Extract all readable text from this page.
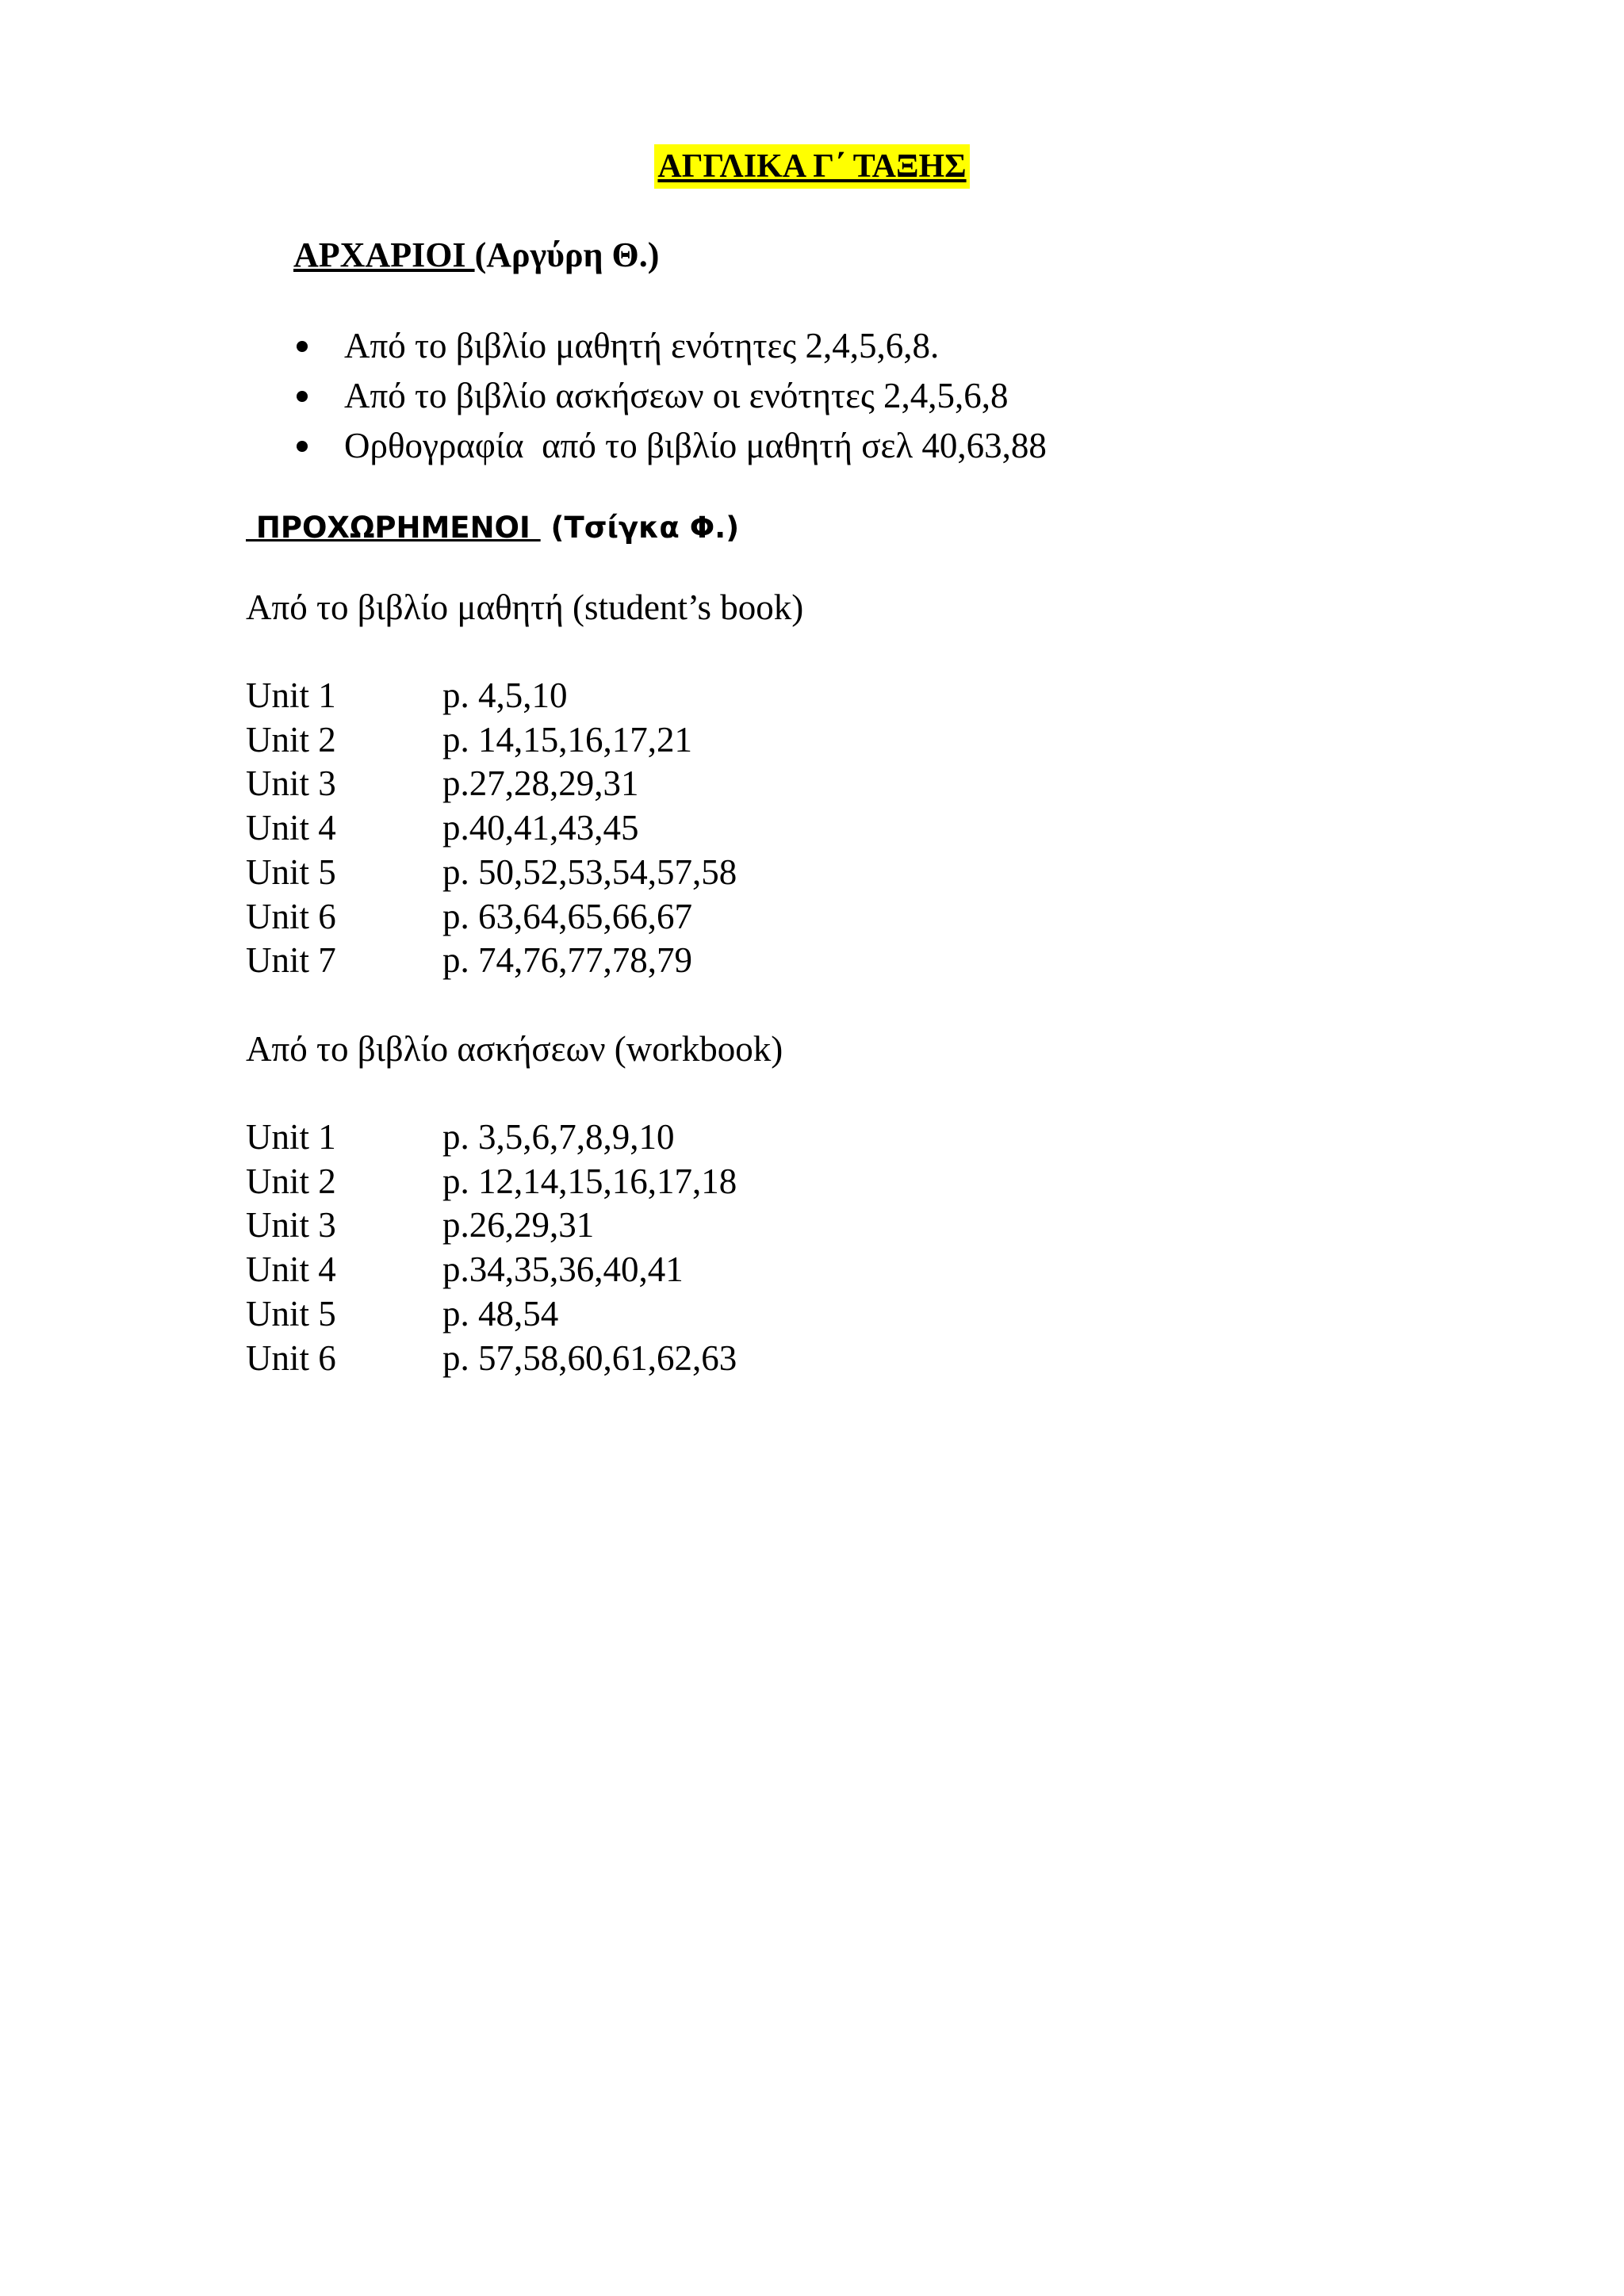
ΑΓΓΛΙΚΑ Γ΄ ΤΑΞΗΣ
ΑΡΧΑΡΙΟΙ (Αργύρη Θ.)
Από το βιβλίο μαθητή ενότητες 2,4,5,6,8.
Από το βιβλίο ασκήσεων οι ενότητες 2,4,5,6,8
Ορθογραφία  από το βιβλίο μαθητή σελ 40,63,88
ΠΡΟΧΩΡΗΜΕΝΟΙ  (Τσίγκα Φ.)
Από το βιβλίο μαθητή (student’s book)
Unit 1	p. 4,5,10
Unit 2	p. 14,15,16,17,21
Unit 3	p.27,28,29,31
Unit 4	p.40,41,43,45
Unit 5	p. 50,52,53,54,57,58
Unit 6	p. 63,64,65,66,67
Unit 7	p. 74,76,77,78,79
Από το βιβλίο ασκήσεων (workbook)
Unit 1	p. 3,5,6,7,8,9,10
Unit 2	p. 12,14,15,16,17,18
Unit 3	p.26,29,31
Unit 4	p.34,35,36,40,41
Unit 5	p. 48,54
Unit 6	p. 57,58,60,61,62,63
